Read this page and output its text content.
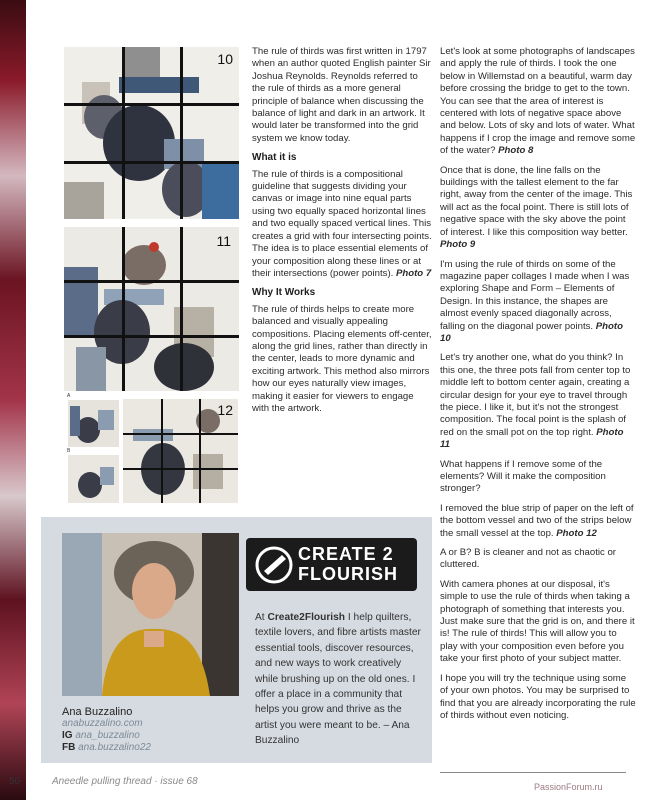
10
11
A
B
12

The rule of thirds was first written in 1797 when an author quoted English painter Sir Joshua Reynolds. Reynolds referred to the rule of thirds as a more general principle of balance when discussing the balance of light and dark in an artwork. It would later be transformed into the grid system we know today.

What it is

The rule of thirds is a compositional guideline that suggests dividing your canvas or image into nine equal parts using two equally spaced horizontal lines and two equally spaced vertical lines. This creates a grid with four intersecting points. The idea is to place essential elements of your composition along these lines or at their intersections (power points). Photo 7

Why It Works

The rule of thirds helps to create more balanced and visually appealing compositions. Placing elements off-center, along the grid lines, rather than directly in the center, leads to more dynamic and exciting artwork. This method also mirrors how our eyes naturally view images, making it easier for viewers to engage with the artwork.

Let's look at some photographs of landscapes and apply the rule of thirds. I took the one below in Willemstad on a beautiful, warm day before crossing the bridge to get to the town. You can see that the area of interest is centered with lots of negative space above and below. Lots of sky and lots of water. What happens if I crop the image and remove some of the water? Photo 8

Once that is done, the line falls on the buildings with the tallest element to the far right, away from the center of the image. This will act as the focal point. There is still lots of negative space with the sky above the point of interest. I like this composition way better. Photo 9

I'm using the rule of thirds on some of the magazine paper collages I made when I was exploring Shape and Form – Elements of Design. In this instance, the shapes are almost evenly spaced diagonally across, falling on the diagonal power points. Photo 10

Let's try another one, what do you think? In this one, the three pots fall from center top to middle left to bottom center again, creating a circular design for your eye to travel through the piece. I like it, but it's not the strongest composition. The focal point is the splash of red on the small pot on the top right. Photo 11

What happens if I remove some of the elements? Will it make the composition stronger?

I removed the blue strip of paper on the left of the bottom vessel and two of the strips below the small vessel at the top. Photo 12

A or B? B is cleaner and not as chaotic or cluttered.

With camera phones at our disposal, it's simple to use the rule of thirds when taking a photograph of something that interests you. Just make sure that the grid is on, and there it is! The rule of thirds! This will allow you to play with your composition even before you take your first photo of your subject matter.

I hope you will try the technique using some of your own photos. You may be surprised to find that you are already incorporating the rule of thirds without even noticing.

CREATE 2
FLOURISH
At Create2Flourish I help quilters, textile lovers, and fibre artists master essential tools, discover resources, and new ways to work creatively while brushing up on the old ones. I offer a place in a community that helps you grow and thrive as the artist you were meant to be. – Ana Buzzalino
Ana Buzzalino
anabuzzalino.com
IG ana_buzzalino
FB ana.buzzalino22
50	Aneedle pulling thread · issue 68	PassionForum.ru
